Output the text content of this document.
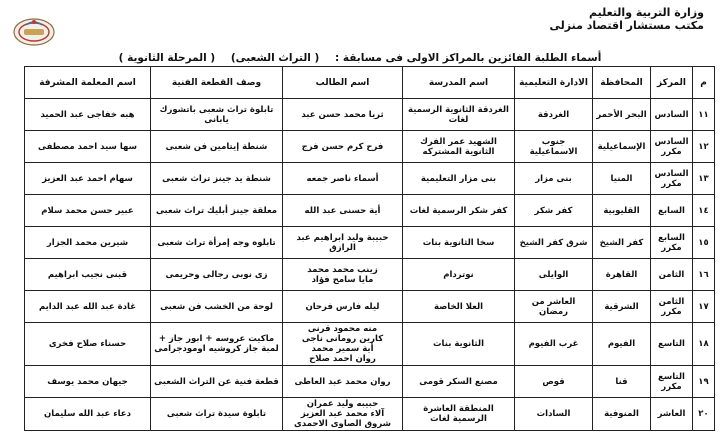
وزارة التربية والتعليم
مكتب مستشار اقتصاد منزلى
أسماء الطلبة الفائزين بالمراكز الاولى فى مسابقة : ( التراث الشعبى) ( المرحلة الثانوية )
م	المركز	المحافظة	الادارة التعليمية	اسم المدرسة	اسم الطالب	وصف القطعة الفنية	اسم المعلمة المشرفة
١١	السادس	البحر الأحمر	الغردقة	الغردقة الثانوية الرسمية لغات	ثريا محمد حسن عبد	تابلوة تراث شعبى باتشورك يابانى	هبه خفاجى عبد الحميد
١٢	السادس مكرر	الإسماعيلية	جنوب الاسماعيلية	الشهيد عمر الفرك الثانوية المشتركه	فرح كرم حسن فرج	شنطة إيتامين فن شعبى	سها سيد احمد مصطفى
١٣	السادس مكرر	المنيا	بنى مزار	بنى مزار التعليمية	أسماء ناصر جمعه	شنطة يد جينز تراث شعبى	سهام احمد عبد العزيز
١٤	السابع	القليوبية	كفر شكر	كفر شكر الرسمية لغات	أية حسنى عبد الله	معلقة جينز أبليك تراث شعبى	عبير حسن محمد سلام
١٥	السابع مكرر	كفر الشيخ	شرق كفر الشيخ	سخا الثانوية بنات	حبيبة وليد ابراهيم عبد الرازق	تابلوه وجه إمرأة تراث شعبى	شيرين محمد الجزار
١٦	الثامن	القاهرة	الوايلى	نوتردام	زينب محمد محمد
مايا سامح فؤاد	زى نوبى رجالى وحريمى	قبنى نجيب ابراهيم
١٧	الثامن مكرر	الشرقية	العاشر من رمضان	العلا الخاصة	ليله فارس فرحان	لوحة من الخشب فن شعبى	غادة عبد الله عبد الدايم
١٨	التاسع	الفيوم	غرب الفيوم	الثانوية بنات	منه محمود قرنى
كارين رومانى ناجى
أية سمير محمد
روان احمد صلاح	ماكيت عروسه + ابور جاز + لمبة جاز كروشيه اومودجرامى	حسناء صلاح فخرى
١٩	التاسع مكرر	قنا	قوص	مصنع السكر قومى	روان محمد عبد العاطى	قطعة فنية عن التراث الشعبى	جيهان محمد يوسف
٢٠	العاشر	المنوفية	السادات	المنطقة العاشرة الرسمية لغات	حبيبه وليد عمران
آلاء محمد عبد العزيز
شروق الصاوى الاحمدى	تابلوة سيدة تراث شعبى	دعاء عبد الله سليمان
